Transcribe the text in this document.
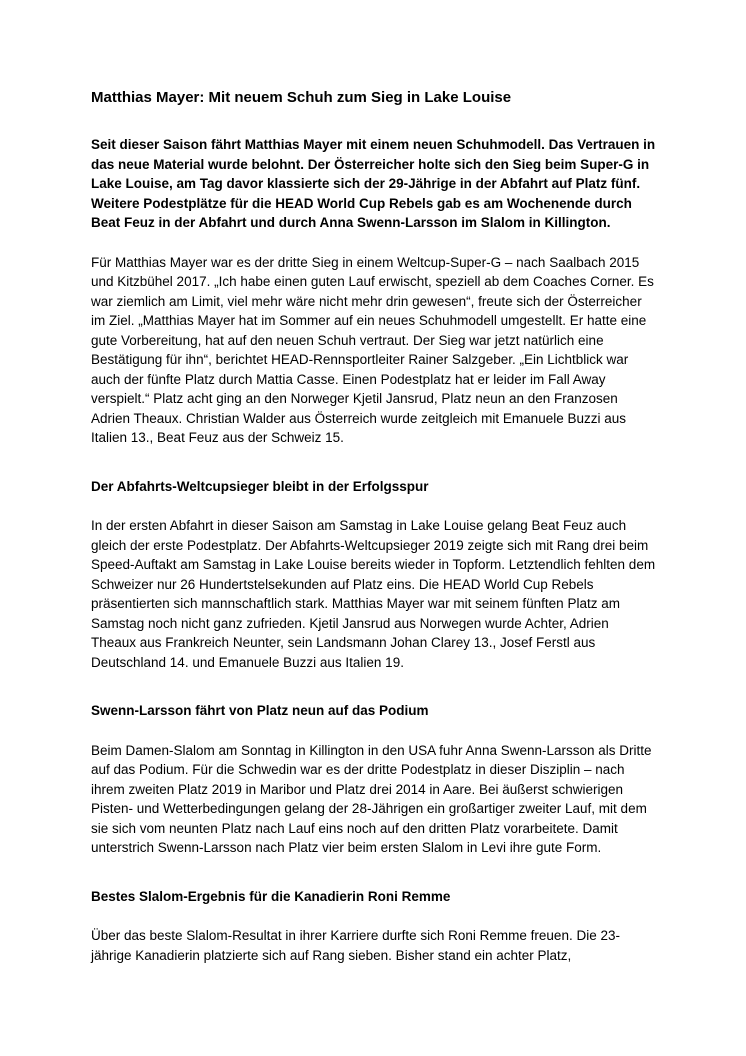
Matthias Mayer: Mit neuem Schuh zum Sieg in Lake Louise

Seit dieser Saison fährt Matthias Mayer mit einem neuen Schuhmodell. Das Vertrauen in das neue Material wurde belohnt. Der Österreicher holte sich den Sieg beim Super-G in Lake Louise, am Tag davor klassierte sich der 29-Jährige in der Abfahrt auf Platz fünf. Weitere Podestplätze für die HEAD World Cup Rebels gab es am Wochenende durch Beat Feuz in der Abfahrt und durch Anna Swenn-Larsson im Slalom in Killington.

Für Matthias Mayer war es der dritte Sieg in einem Weltcup-Super-G – nach Saalbach 2015 und Kitzbühel 2017. „Ich habe einen guten Lauf erwischt, speziell ab dem Coaches Corner. Es war ziemlich am Limit, viel mehr wäre nicht mehr drin gewesen“, freute sich der Österreicher im Ziel. „Matthias Mayer hat im Sommer auf ein neues Schuhmodell umgestellt. Er hatte eine gute Vorbereitung, hat auf den neuen Schuh vertraut. Der Sieg war jetzt natürlich eine Bestätigung für ihn“, berichtet HEAD-Rennsportleiter Rainer Salzgeber. „Ein Lichtblick war auch der fünfte Platz durch Mattia Casse. Einen Podestplatz hat er leider im Fall Away verspielt.“ Platz acht ging an den Norweger Kjetil Jansrud, Platz neun an den Franzosen Adrien Theaux. Christian Walder aus Österreich wurde zeitgleich mit Emanuele Buzzi aus Italien 13., Beat Feuz aus der Schweiz 15.

Der Abfahrts-Weltcupsieger bleibt in der Erfolgsspur

In der ersten Abfahrt in dieser Saison am Samstag in Lake Louise gelang Beat Feuz auch gleich der erste Podestplatz. Der Abfahrts-Weltcupsieger 2019 zeigte sich mit Rang drei beim Speed-Auftakt am Samstag in Lake Louise bereits wieder in Topform. Letztendlich fehlten dem Schweizer nur 26 Hundertstelsekunden auf Platz eins. Die HEAD World Cup Rebels präsentierten sich mannschaftlich stark. Matthias Mayer war mit seinem fünften Platz am Samstag noch nicht ganz zufrieden. Kjetil Jansrud aus Norwegen wurde Achter, Adrien Theaux aus Frankreich Neunter, sein Landsmann Johan Clarey 13., Josef Ferstl aus Deutschland 14. und Emanuele Buzzi aus Italien 19.

Swenn-Larsson fährt von Platz neun auf das Podium

Beim Damen-Slalom am Sonntag in Killington in den USA fuhr Anna Swenn-Larsson als Dritte auf das Podium. Für die Schwedin war es der dritte Podestplatz in dieser Disziplin – nach ihrem zweiten Platz 2019 in Maribor und Platz drei 2014 in Aare. Bei äußerst schwierigen Pisten- und Wetterbedingungen gelang der 28-Jährigen ein großartiger zweiter Lauf, mit dem sie sich vom neunten Platz nach Lauf eins noch auf den dritten Platz vorarbeitete. Damit unterstrich Swenn-Larsson nach Platz vier beim ersten Slalom in Levi ihre gute Form.

Bestes Slalom-Ergebnis für die Kanadierin Roni Remme

Über das beste Slalom-Resultat in ihrer Karriere durfte sich Roni Remme freuen. Die 23-jährige Kanadierin platzierte sich auf Rang sieben. Bisher stand ein achter Platz,
